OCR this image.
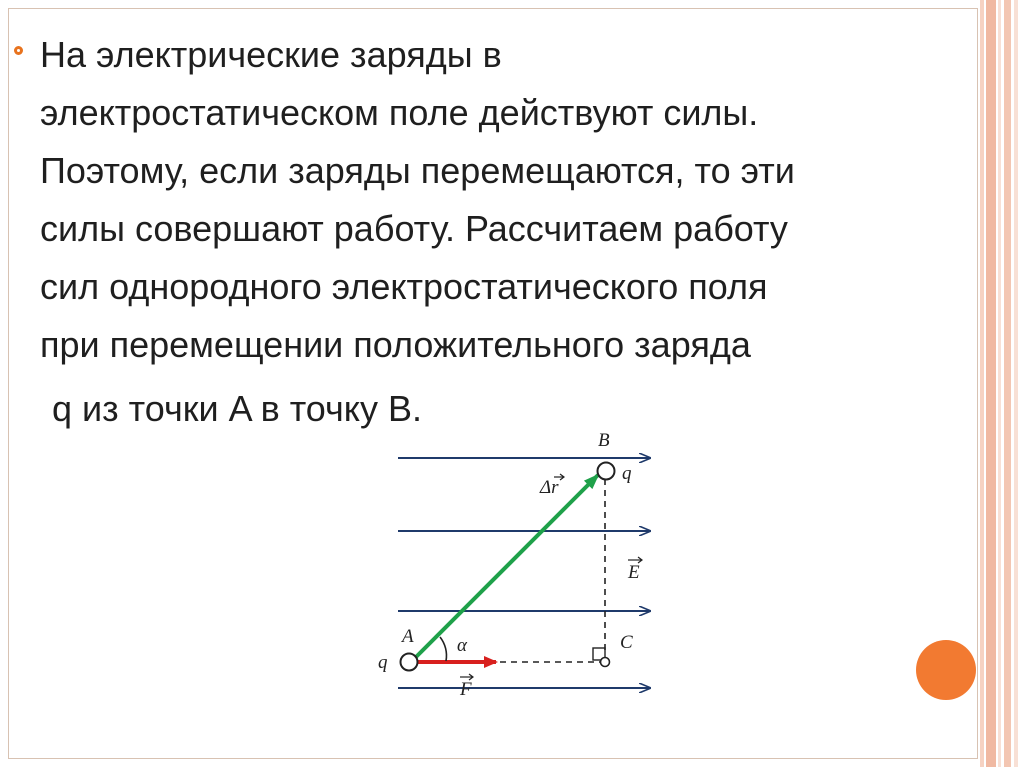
На электрические заряды в
электростатическом поле действуют силы.
Поэтому, если заряды перемещаются, то эти
силы совершают работу. Рассчитаем работу
сил однородного электростатического поля
при перемещении положительного заряда
q из точки A в точку B.
B
q
Δr
E
A α	C
q
F
